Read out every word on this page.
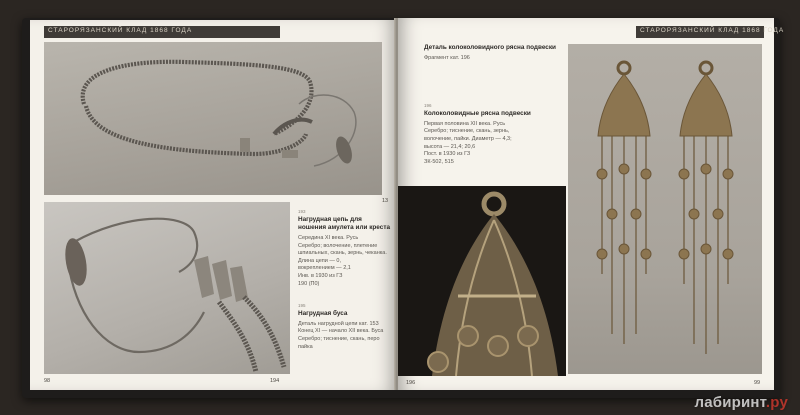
СТАРОРЯЗАНСКИЙ КЛАД 1868 ГОДА
193
Нагрудная цепь для ношения амулета или креста
Середина XI века. Русь
Серебро; волочение, плетение
шпиальных, скань, зернь, чеканка.
Длина цепи — 0,
вокреплением — 2,1
Инв. в 1930 из ГЗ
190 (П0)
195
Нагрудная буса
Деталь нагрудной цепи кат. 153
Конец XI — начало XII века. Буса
Серебро; тиснение, скань, перо
пайка
13
98	194
СТАРОРЯЗАНСКИЙ КЛАД 1868 ГОДА
Деталь колоколовидного рясна подвески
Фрагмент кат. 196
196
Колоколовидные рясна подвески
Первая половина XII века. Русь
Серебро; тиснение, скань, зернь,
волочение, пайки. Диаметр — 4,3;
высота — 21,4; 20,6
Пост. в 1930 из ГЗ
ЗК-502, 515
196	99
лабиринт.ру
